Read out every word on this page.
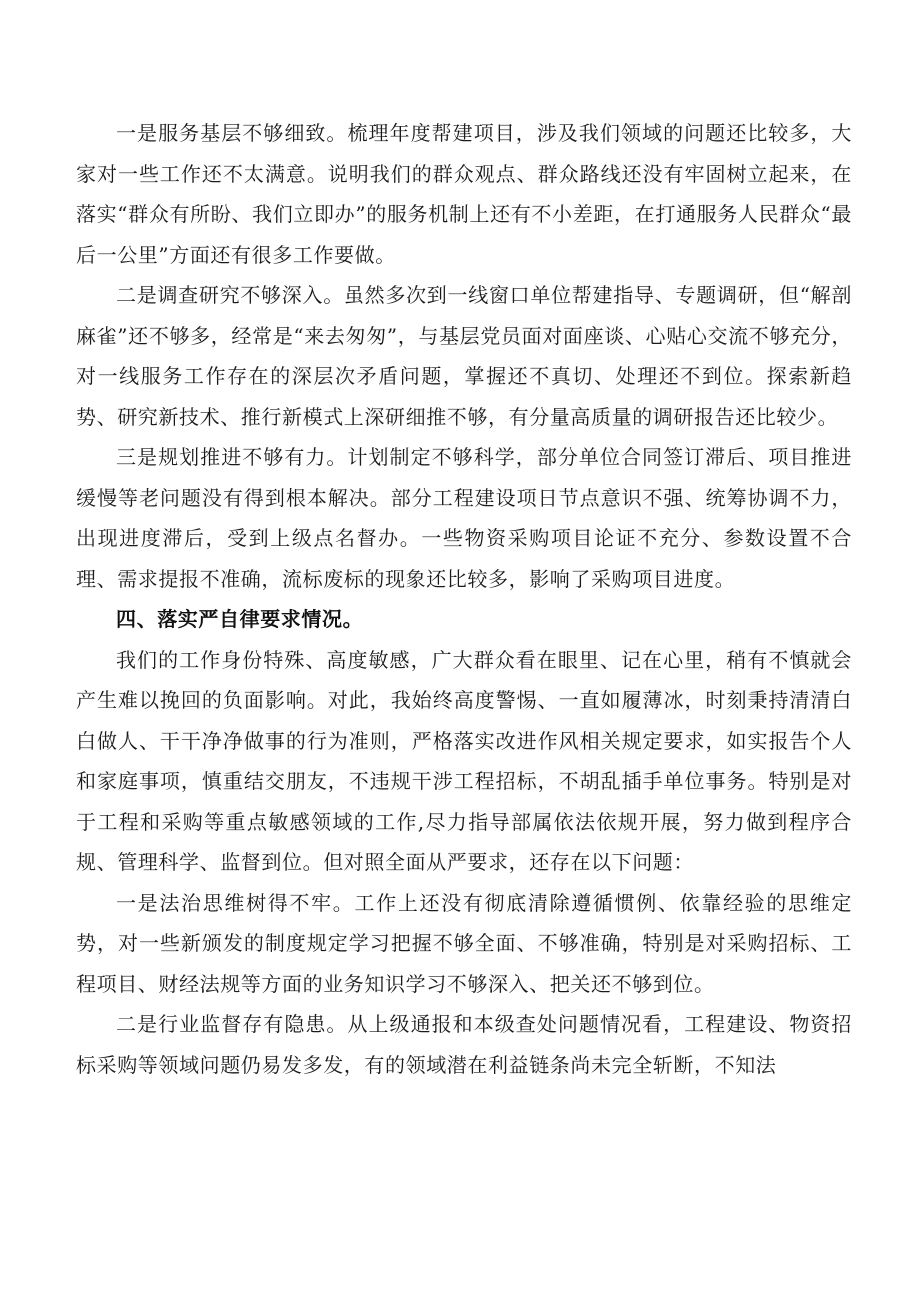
一是服务基层不够细致。梳理年度帮建项目，涉及我们领域的问题还比较多，大家对一些工作还不太满意。说明我们的群众观点、群众路线还没有牢固树立起来，在落实“群众有所盼、我们立即办”的服务机制上还有不小差距，在打通服务人民群众“最后一公里”方面还有很多工作要做。

二是调查研究不够深入。虽然多次到一线窗口单位帮建指导、专题调研，但“解剖麻雀”还不够多，经常是“来去匆匆”，与基层党员面对面座谈、心贴心交流不够充分，对一线服务工作存在的深层次矛盾问题，掌握还不真切、处理还不到位。探索新趋势、研究新技术、推行新模式上深研细推不够，有分量高质量的调研报告还比较少。

三是规划推进不够有力。计划制定不够科学，部分单位合同签订滞后、项目推进缓慢等老问题没有得到根本解决。部分工程建设项日节点意识不强、统筹协调不力，出现进度滞后，受到上级点名督办。一些物资采购项目论证不充分、参数设置不合理、需求提报不准确，流标废标的现象还比较多，影响了采购项目进度。

四、落实严自律要求情况。

我们的工作身份特殊、高度敏感，广大群众看在眼里、记在心里，稍有不慎就会产生难以挽回的负面影响。对此，我始终高度警惕、一直如履薄冰，时刻秉持清清白白做人、干干净净做事的行为准则，严格落实改进作风相关规定要求，如实报告个人和家庭事项，慎重结交朋友，不违规干涉工程招标，不胡乱插手单位事务。特别是对于工程和采购等重点敏感领域的工作,尽力指导部属依法依规开展，努力做到程序合规、管理科学、监督到位。但对照全面从严要求，还存在以下问题：

一是法治思维树得不牢。工作上还没有彻底清除遵循惯例、依靠经验的思维定势，对一些新颁发的制度规定学习把握不够全面、不够准确，特别是对采购招标、工程项目、财经法规等方面的业务知识学习不够深入、把关还不够到位。

二是行业监督存有隐患。从上级通报和本级查处问题情况看，工程建设、物资招标采购等领域问题仍易发多发，有的领域潜在利益链条尚未完全斩断，不知法
